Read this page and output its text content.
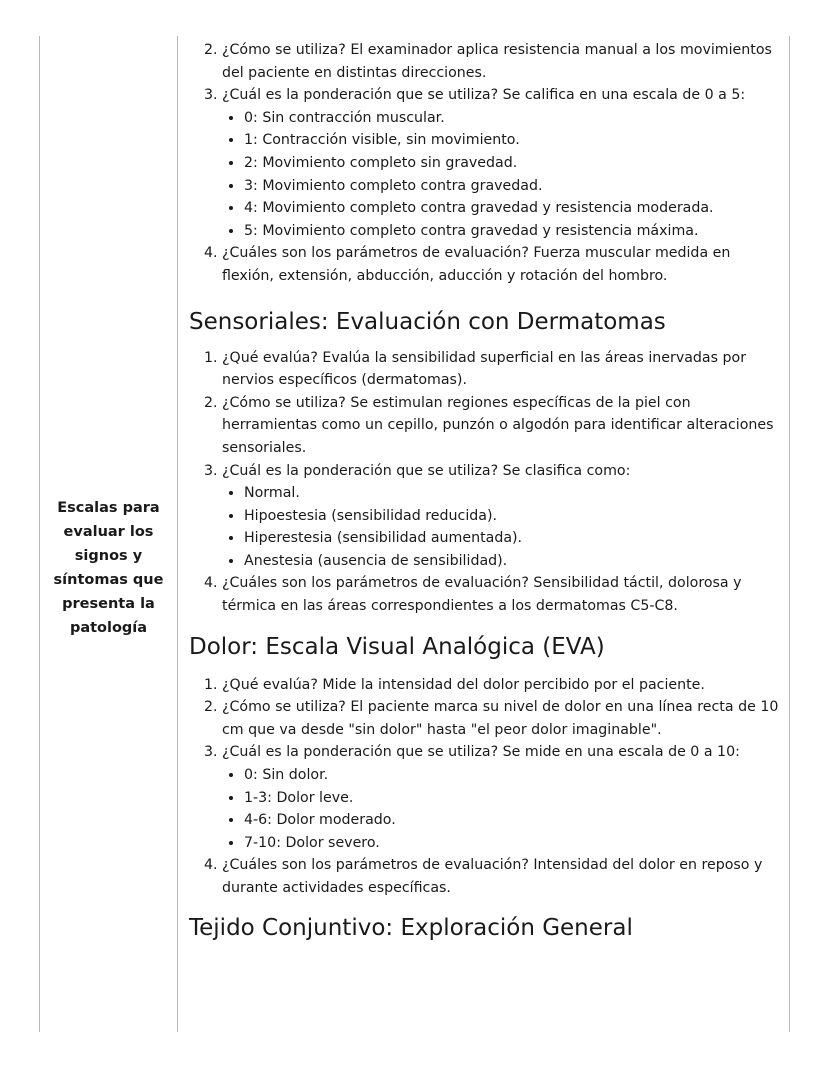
Escalas para evaluar los signos y síntomas que presenta la patología
2. ¿Cómo se utiliza? El examinador aplica resistencia manual a los movimientos del paciente en distintas direcciones.
3. ¿Cuál es la ponderación que se utiliza? Se califica en una escala de 0 a 5:
• 0: Sin contracción muscular.
• 1: Contracción visible, sin movimiento.
• 2: Movimiento completo sin gravedad.
• 3: Movimiento completo contra gravedad.
• 4: Movimiento completo contra gravedad y resistencia moderada.
• 5: Movimiento completo contra gravedad y resistencia máxima.
4. ¿Cuáles son los parámetros de evaluación? Fuerza muscular medida en flexión, extensión, abducción, aducción y rotación del hombro.
Sensoriales: Evaluación con Dermatomas
1. ¿Qué evalúa? Evalúa la sensibilidad superficial en las áreas inervadas por nervios específicos (dermatomas).
2. ¿Cómo se utiliza? Se estimulan regiones específicas de la piel con herramientas como un cepillo, punzón o algodón para identificar alteraciones sensoriales.
3. ¿Cuál es la ponderación que se utiliza? Se clasifica como:
• Normal.
• Hipoestesia (sensibilidad reducida).
• Hiperestesia (sensibilidad aumentada).
• Anestesia (ausencia de sensibilidad).
4. ¿Cuáles son los parámetros de evaluación? Sensibilidad táctil, dolorosa y térmica en las áreas correspondientes a los dermatomas C5-C8.
Dolor: Escala Visual Analógica (EVA)
1. ¿Qué evalúa? Mide la intensidad del dolor percibido por el paciente.
2. ¿Cómo se utiliza? El paciente marca su nivel de dolor en una línea recta de 10 cm que va desde "sin dolor" hasta "el peor dolor imaginable".
3. ¿Cuál es la ponderación que se utiliza? Se mide en una escala de 0 a 10:
• 0: Sin dolor.
• 1-3: Dolor leve.
• 4-6: Dolor moderado.
• 7-10: Dolor severo.
4. ¿Cuáles son los parámetros de evaluación? Intensidad del dolor en reposo y durante actividades específicas.
Tejido Conjuntivo: Exploración General
